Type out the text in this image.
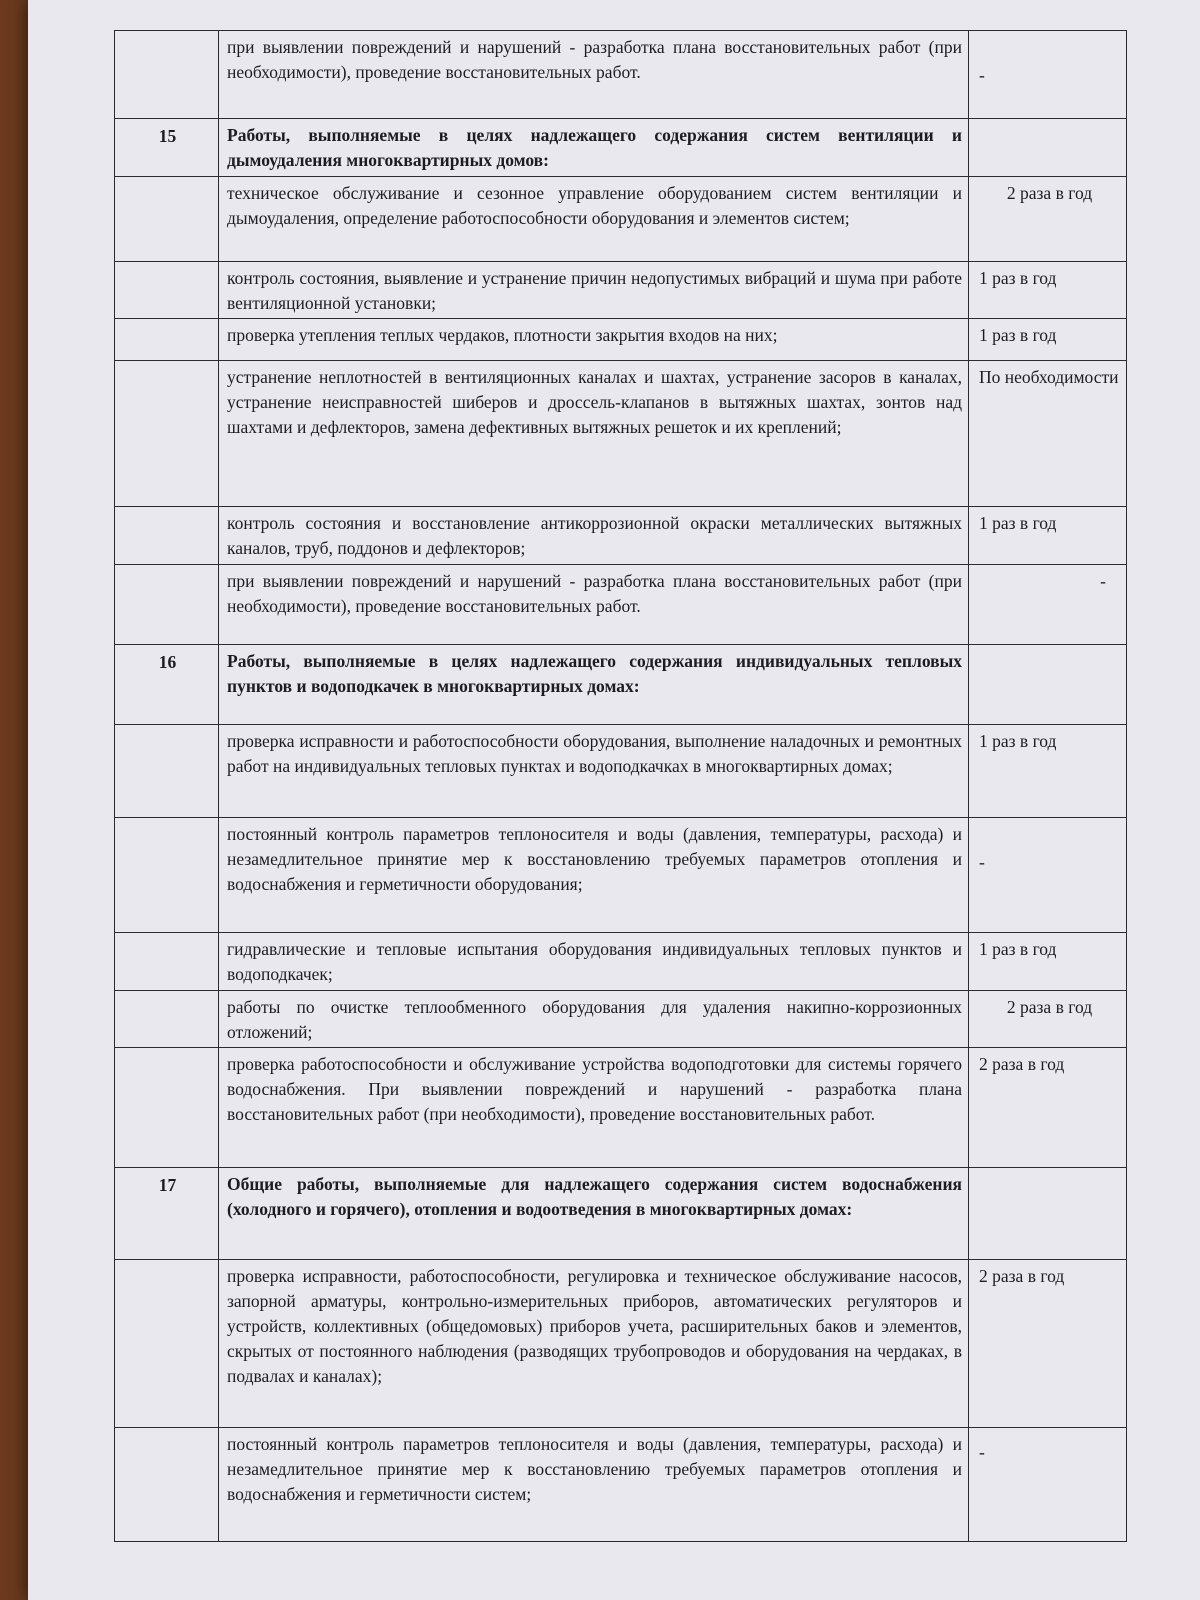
	при выявлении повреждений и нарушений - разработка плана восстановительных работ (при необходимости), проведение восстановительных работ.	-
15	Работы, выполняемые в целях надлежащего содержания систем вентиляции и дымоудаления многоквартирных домов:	
	техническое обслуживание и сезонное управление оборудованием систем вентиляции и дымоудаления, определение работоспособности оборудования и элементов систем;	2 раза в год
	контроль состояния, выявление и устранение причин недопустимых вибраций и шума при работе вентиляционной установки;	1 раз в год
	проверка утепления теплых чердаков, плотности закрытия входов на них;	1 раз в год
	устранение неплотностей в вентиляционных каналах и шахтах, устранение засоров в каналах, устранение неисправностей шиберов и дроссель-клапанов в вытяжных шахтах, зонтов над шахтами и дефлекторов, замена дефективных вытяжных решеток и их креплений;	По необходимости
	контроль состояния и восстановление антикоррозионной окраски металлических вытяжных каналов, труб, поддонов и дефлекторов;	1 раз в год
	при выявлении повреждений и нарушений - разработка плана восстановительных работ (при необходимости), проведение восстановительных работ.	-
16	Работы, выполняемые в целях надлежащего содержания индивидуальных тепловых пунктов и водоподкачек в многоквартирных домах:	
	проверка исправности и работоспособности оборудования, выполнение наладочных и ремонтных работ на индивидуальных тепловых пунктах и водоподкачках в многоквартирных домах;	1 раз в год
	постоянный контроль параметров теплоносителя и воды (давления, температуры, расхода) и незамедлительное принятие мер к восстановлению требуемых параметров отопления и водоснабжения и герметичности оборудования;	-
	гидравлические и тепловые испытания оборудования индивидуальных тепловых пунктов и водоподкачек;	1 раз в год
	работы по очистке теплообменного оборудования для удаления накипно-коррозионных отложений;	2 раза в год
	проверка работоспособности и обслуживание устройства водоподготовки для системы горячего водоснабжения. При выявлении повреждений и нарушений - разработка плана восстановительных работ (при необходимости), проведение восстановительных работ.	2 раза в год
17	Общие работы, выполняемые для надлежащего содержания систем водоснабжения (холодного и горячего), отопления и водоотведения в многоквартирных домах:	
	проверка исправности, работоспособности, регулировка и техническое обслуживание насосов, запорной арматуры, контрольно-измерительных приборов, автоматических регуляторов и устройств, коллективных (общедомовых) приборов учета, расширительных баков и элементов, скрытых от постоянного наблюдения (разводящих трубопроводов и оборудования на чердаках, в подвалах и каналах);	2 раза в год
	постоянный контроль параметров теплоносителя и воды (давления, температуры, расхода) и незамедлительное принятие мер к восстановлению требуемых параметров отопления и водоснабжения и герметичности систем;	-
